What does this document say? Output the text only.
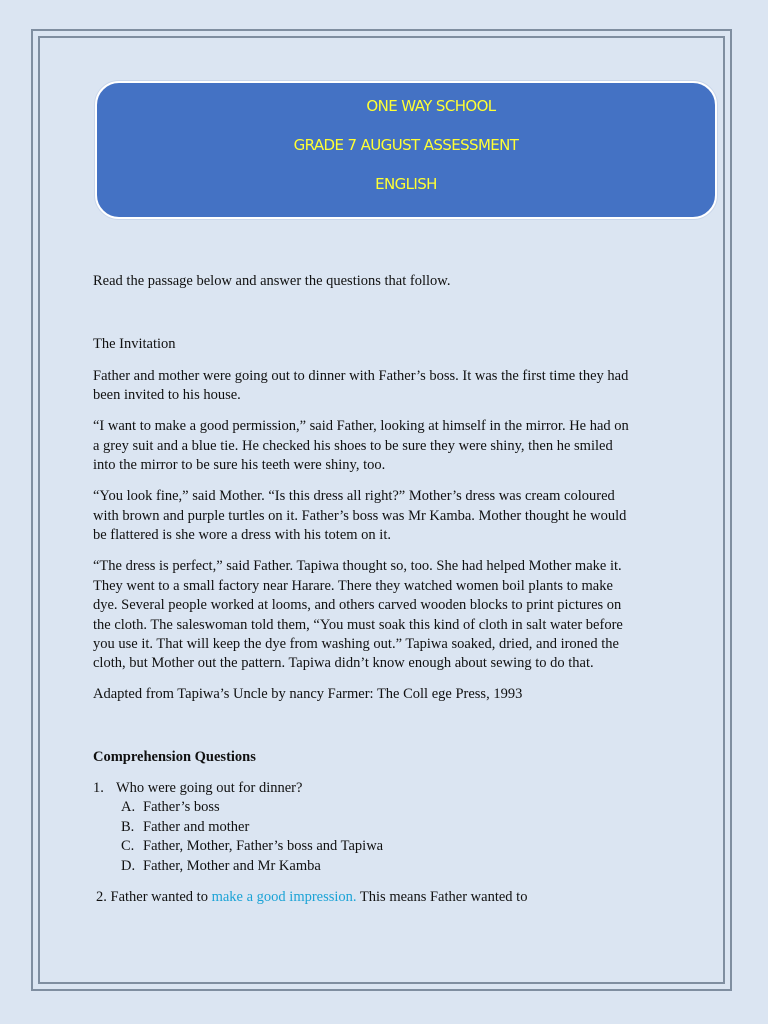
ONE WAY SCHOOL
GRADE 7 AUGUST ASSESSMENT
ENGLISH
Read the passage below and answer the questions that follow.
The Invitation
Father and mother were going out to dinner with Father’s boss. It was the first time they had
been invited to his house.
“I want to make a good permission,” said Father, looking at himself in the mirror. He had on
a grey suit and a blue tie. He checked his shoes to be sure they were shiny, then he smiled
into the mirror to be sure his teeth were shiny, too.
“You look fine,” said Mother. “Is this dress all right?” Mother’s dress was cream coloured
with brown and purple turtles on it. Father’s boss was Mr Kamba. Mother thought he would
be flattered is she wore a dress with his totem on it.
“The dress is perfect,” said Father. Tapiwa thought so, too. She had helped Mother make it.
They went to a small factory near Harare. There they watched women boil plants to make
dye. Several people worked at looms, and others carved wooden blocks to print pictures on
the cloth. The saleswoman told them, “You must soak this kind of cloth in salt water before
you use it. That will keep the dye from washing out.” Tapiwa soaked, dried, and ironed the
cloth, but Mother out the pattern. Tapiwa didn’t know enough about sewing to do that.
Adapted from Tapiwa’s Uncle by nancy Farmer: The Coll ege Press, 1993
Comprehension Questions
1. Who were going out for dinner?
A. Father’s boss
B. Father and mother
C. Father, Mother, Father’s boss and Tapiwa
D. Father, Mother and Mr Kamba
2. Father wanted to make a good impression. This means Father wanted to
